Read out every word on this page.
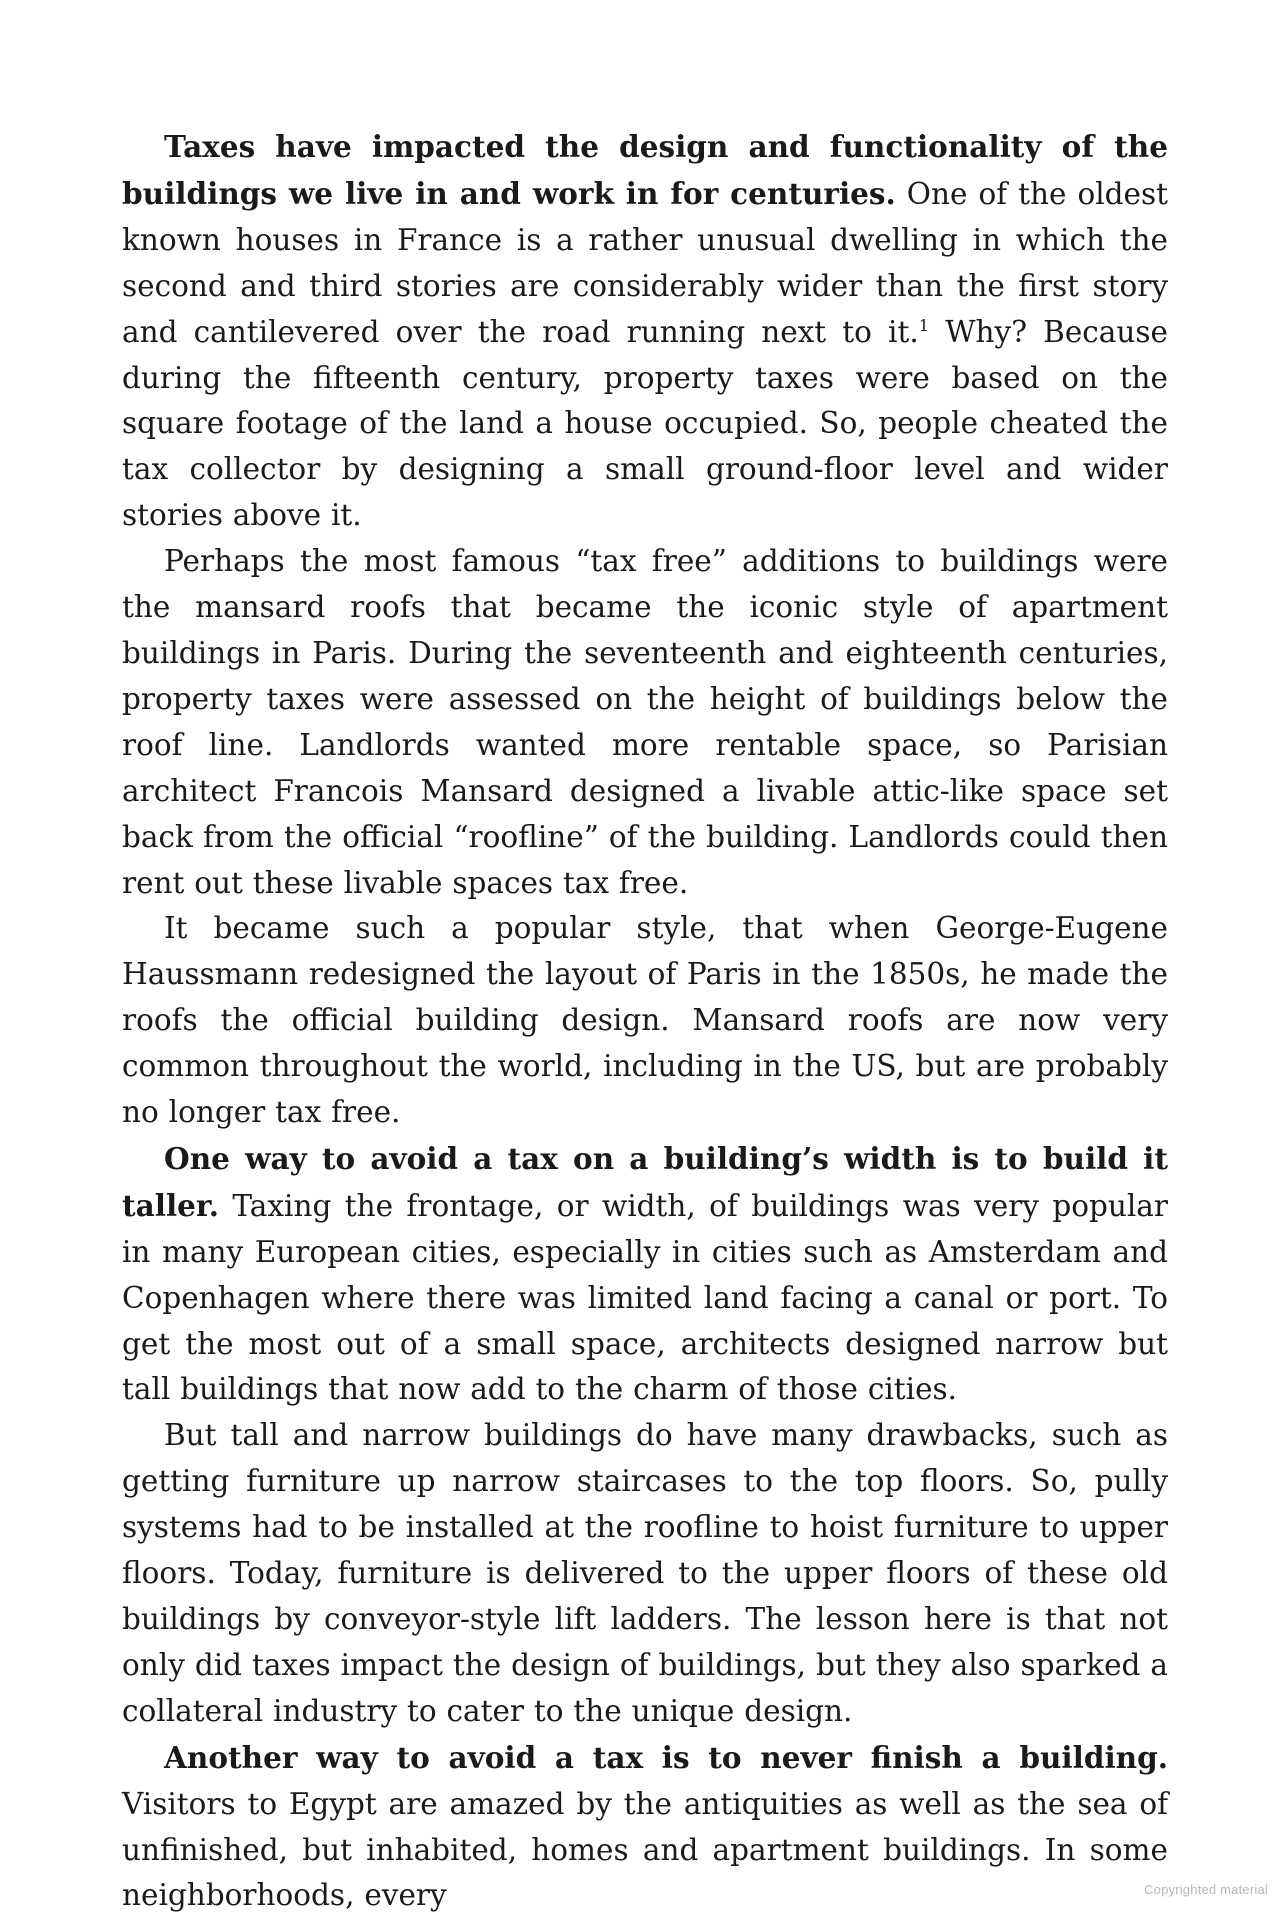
Taxes have impacted the design and functionality of the buildings we live in and work in for centuries. One of the oldest known houses in France is a rather unusual dwelling in which the second and third stories are considerably wider than the first story and cantilevered over the road running next to it.$^1$ Why? Because during the fifteenth century, property taxes were based on the square footage of the land a house occupied. So, people cheated the tax collector by designing a small ground-floor level and wider stories above it.

Perhaps the most famous “tax free” additions to buildings were the mansard roofs that became the iconic style of apartment buildings in Paris. During the seventeenth and eighteenth centuries, property taxes were assessed on the height of buildings below the roof line. Landlords wanted more rentable space, so Parisian architect Francois Mansard designed a livable attic-like space set back from the official “roofline” of the building. Landlords could then rent out these livable spaces tax free.

It became such a popular style, that when George-Eugene Haussmann redesigned the layout of Paris in the 1850s, he made the roofs the official building design. Mansard roofs are now very common throughout the world, including in the US, but are probably no longer tax free.

One way to avoid a tax on a building’s width is to build it taller. Taxing the frontage, or width, of buildings was very popular in many European cities, especially in cities such as Amsterdam and Copenhagen where there was limited land facing a canal or port. To get the most out of a small space, architects designed narrow but tall buildings that now add to the charm of those cities.

But tall and narrow buildings do have many drawbacks, such as getting furniture up narrow staircases to the top floors. So, pully systems had to be installed at the roofline to hoist furniture to upper floors. Today, furniture is delivered to the upper floors of these old buildings by conveyor-style lift ladders. The lesson here is that not only did taxes impact the design of buildings, but they also sparked a collateral industry to cater to the unique design.

Another way to avoid a tax is to never finish a building. Visitors to Egypt are amazed by the antiquities as well as the sea of unfinished, but inhabited, homes and apartment buildings. In some neighborhoods, every	Copyrighted material
